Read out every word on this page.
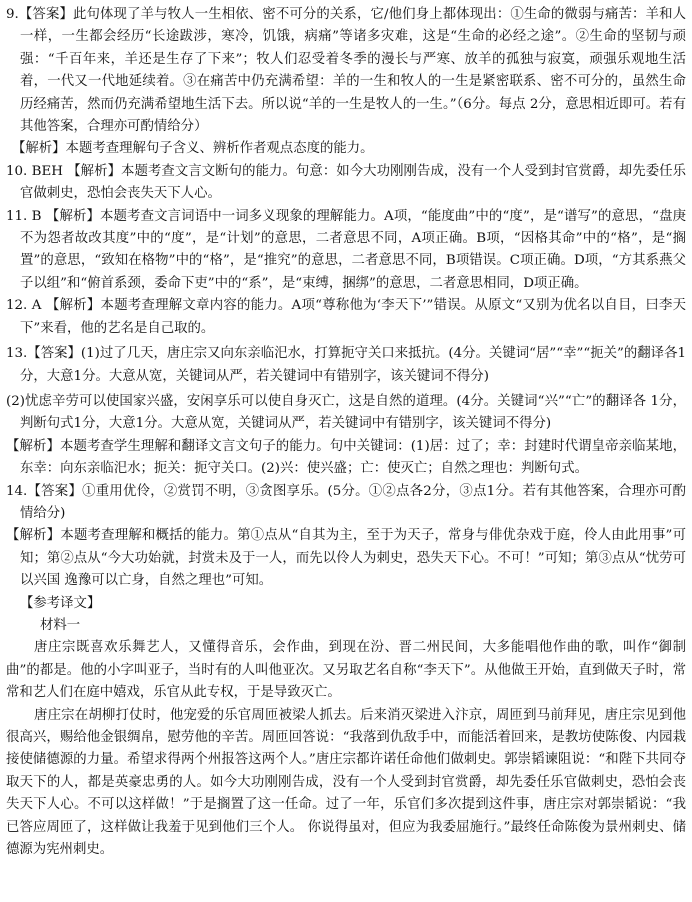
9.【答案】此句体现了羊与牧人一生相依、密不可分的关系，它/他们身上都体现出：①生命的微弱与痛苦：羊和人一样，一生都会经历“长途跋涉，寒冷，饥饿，病痛”等诸多灾难，这是“生命的必经之途”。②生命的坚韧与顽强：“千百年来，羊还是生存了下来”；牧人们忍受着冬季的漫长与严寒、放羊的孤独与寂寞，顽强乐观地生活着，一代又一代地延续着。③在痛苦中仍充满希望：羊的一生和牧人的一生是紧密联系、密不可分的，虽然生命历经痛苦，然而仍充满希望地生活下去。所以说“羊的一生是牧人的一生。”（6分。每点 2分，意思相近即可。若有其他答案，合理亦可酌情给分）

【解析】本题考查理解句子含义、辨析作者观点态度的能力。

10. BEH 【解析】本题考查文言文断句的能力。句意：如今大功刚刚告成，没有一个人受到封官赏爵，却先委任乐官做刺史，恐怕会丧失天下人心。

11. B 【解析】本题考查文言词语中一词多义现象的理解能力。A项，“能度曲”中的“度”，是“谱写”的意思，“盘庚不为怨者故改其度”中的“度”，是“计划”的意思，二者意思不同，A项正确。B项，“因格其命”中的“格”，是“搁置”的意思，“致知在格物”中的“格”，是“推究”的意思，二者意思不同，B项错误。C项正确。D项，“方其系燕父子以组”和“俯首系颈，委命下吏”中的“系”，是“束缚，捆绑”的意思，二者意思相同，D项正确。

12. A 【解析】本题考查理解文章内容的能力。A项“尊称他为‘李天下’”错误。从原文“又别为优名以自目，曰李天下”来看，他的艺名是自己取的。

13.【答案】(1)过了几天，唐庄宗又向东亲临汜水，打算扼守关口来抵抗。(4分。关键词“居”“幸”“扼关”的翻译各1分，大意1分。大意从宽，关键词从严，若关键词中有错别字，该关键词不得分)

(2)忧虑辛劳可以使国家兴盛，安闲享乐可以使自身灭亡，这是自然的道理。(4分。关键词“兴”“亡”的翻译各 1分，判断句式1分，大意1分。大意从宽，关键词从严，若关键词中有错别字，该关键词不得分)

【解析】本题考查学生理解和翻译文言文句子的能力。句中关键词：(1)居：过了；幸：封建时代谓皇帝亲临某地，东幸：向东亲临汜水；扼关：扼守关口。(2)兴：使兴盛；亡：使灭亡；自然之理也：判断句式。

14.【答案】①重用优伶，②赏罚不明，③贪图享乐。(5分。①②点各2分，③点1分。若有其他答案，合理亦可酌情给分)

【解析】本题考查理解和概括的能力。第①点从“自其为主，至于为天子，常身与俳优杂戏于庭，伶人由此用事”可知；第②点从“今大功始就，封赏未及于一人，而先以伶人为刺史，恐失天下心。不可！”可知；第③点从“忧劳可以兴国 逸豫可以亡身，自然之理也”可知。

【参考译文】

材料一

唐庄宗既喜欢乐舞艺人，又懂得音乐，会作曲，到现在汾、晋二州民间，大多能唱他作曲的歌，叫作“御制曲”的都是。他的小字叫亚子，当时有的人叫他亚次。又另取艺名自称“李天下”。从他做王开始，直到做天子时，常常和艺人们在庭中嬉戏，乐官从此专权，于是导致灭亡。

唐庄宗在胡柳打仗时，他宠爱的乐官周匝被梁人抓去。后来消灭梁进入汴京，周匝到马前拜见，唐庄宗见到他很高兴，赐给他金银绸帛，慰劳他的辛苦。周匝回答说：“我落到仇敌手中，而能活着回来，是教坊使陈俊、内园栽接使储德源的力量。希望求得两个州报答这两个人。”唐庄宗都许诺任命他们做刺史。郭崇韬谏阻说：“和陛下共同夺取天下的人，都是英豪忠勇的人。如今大功刚刚告成，没有一个人受到封官赏爵，却先委任乐官做刺史，恐怕会丧失天下人心。不可以这样做！”于是搁置了这一任命。过了一年，乐官们多次提到这件事，唐庄宗对郭崇韬说：“我已答应周匝了，这样做让我羞于见到他们三个人。 你说得虽对，但应为我委屈施行。”最终任命陈俊为景州刺史、储德源为宪州刺史。
